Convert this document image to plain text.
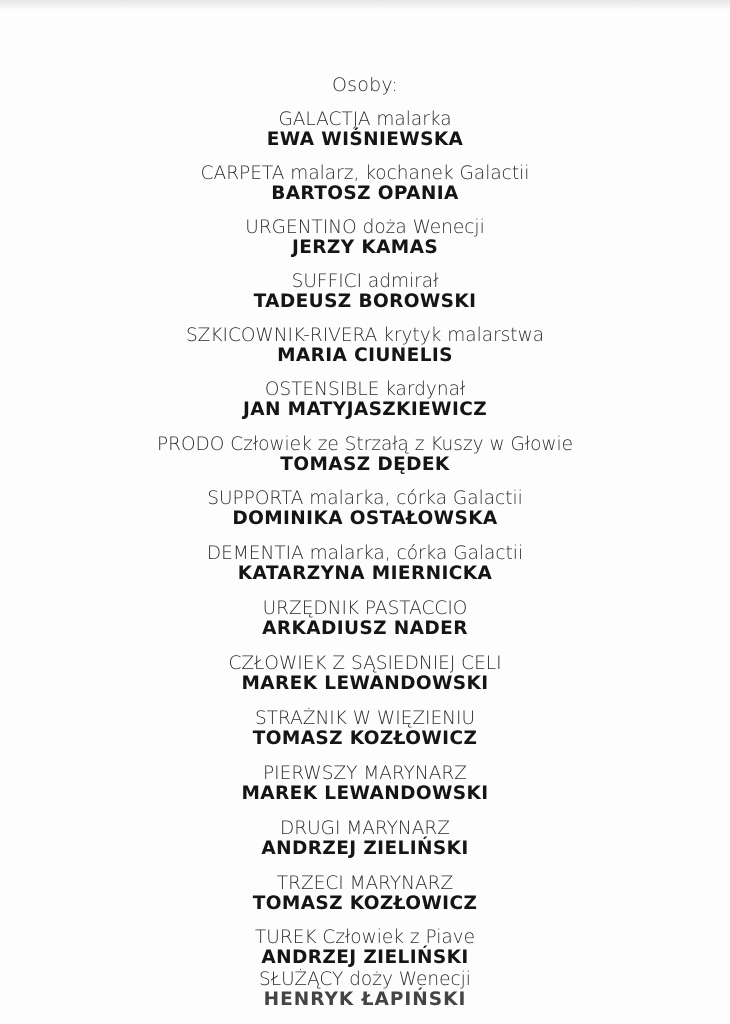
Osoby:
GALACTJA malarka
EWA WIŚNIEWSKA
CARPETA malarz, kochanek Galactii
BARTOSZ OPANIA
URGENTINO doża Wenecji
JERZY KAMAS
SUFFICI admirał
TADEUSZ BOROWSKI
SZKICOWNIK-RIVERA krytyk malarstwa
MARIA CIUNELIS
OSTENSIBLE kardynał
JAN MATYJASZKIEWICZ
PRODO Człowiek ze Strzałą z Kuszy w Głowie
TOMASZ DĘDEK
SUPPORTA malarka, córka Galactii
DOMINIKA OSTAŁOWSKA
DEMENTIA malarka, córka Galactii
KATARZYNA MIERNICKA
URZĘDNIK PASTACCIO
ARKADIUSZ NADER
CZŁOWIEK Z SĄSIEDNIEJ CELI
MAREK LEWANDOWSKI
STRAŻNIK W WIĘZIENIU
TOMASZ KOZŁOWICZ
PIERWSZY MARYNARZ
MAREK LEWANDOWSKI
DRUGI MARYNARZ
ANDRZEJ ZIELIŃSKI
TRZECI MARYNARZ
TOMASZ KOZŁOWICZ
TUREK Człowiek z Piave
ANDRZEJ ZIELIŃSKI
SŁUŻĄCY doży Wenecji
HENRYK ŁAPIŃSKI
